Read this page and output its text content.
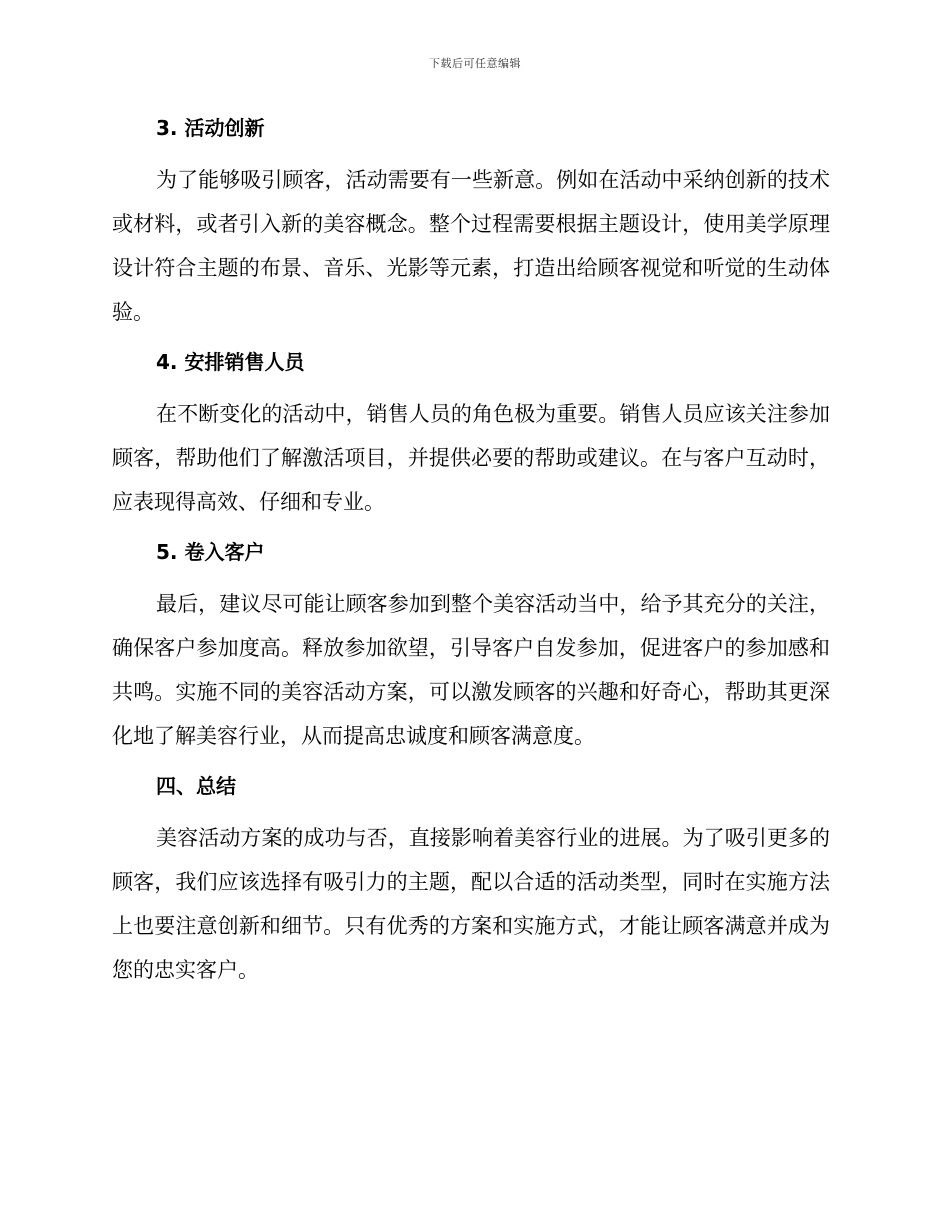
下载后可任意编辑
3. 活动创新

为了能够吸引顾客，活动需要有一些新意。例如在活动中采纳创新的技术或材料，或者引入新的美容概念。整个过程需要根据主题设计，使用美学原理设计符合主题的布景、音乐、光影等元素，打造出给顾客视觉和听觉的生动体验。

4. 安排销售人员

在不断变化的活动中，销售人员的角色极为重要。销售人员应该关注参加顾客，帮助他们了解激活项目，并提供必要的帮助或建议。在与客户互动时，应表现得高效、仔细和专业。

5. 卷入客户

最后，建议尽可能让顾客参加到整个美容活动当中，给予其充分的关注，确保客户参加度高。释放参加欲望，引导客户自发参加，促进客户的参加感和共鸣。实施不同的美容活动方案，可以激发顾客的兴趣和好奇心，帮助其更深化地了解美容行业，从而提高忠诚度和顾客满意度。

四、总结

美容活动方案的成功与否，直接影响着美容行业的进展。为了吸引更多的顾客，我们应该选择有吸引力的主题，配以合适的活动类型，同时在实施方法上也要注意创新和细节。只有优秀的方案和实施方式，才能让顾客满意并成为您的忠实客户。
